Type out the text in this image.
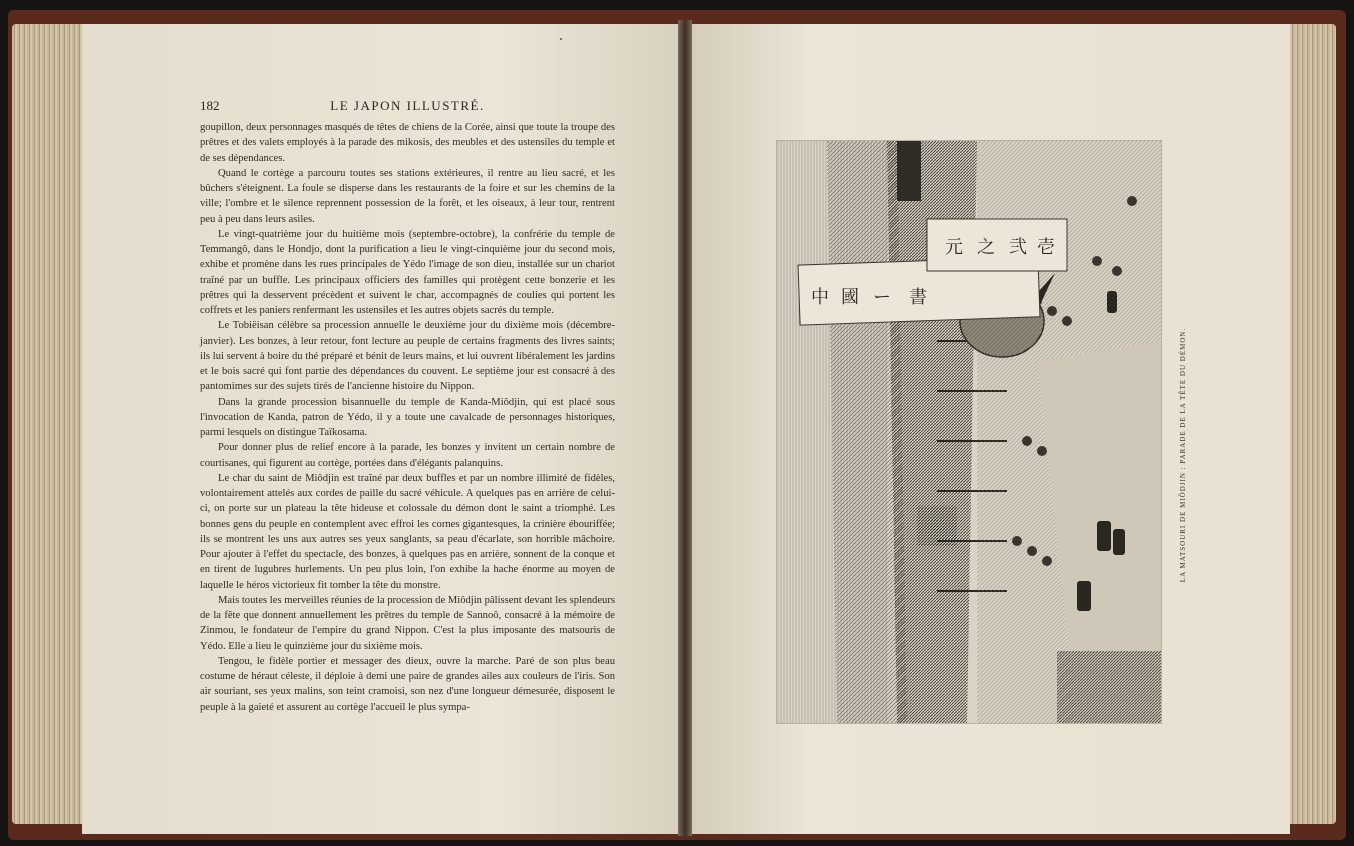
182	LE JAPON ILLUSTRÉ.

goupillon, deux personnages masqués de têtes de chiens de la Corée, ainsi que toute la troupe des prêtres et des valets employés à la parade des mikosis, des meubles et des ustensiles du temple et de ses dépendances.

Quand le cortège a parcouru toutes ses stations extérieures, il rentre au lieu sacré, et les bûchers s'éteignent. La foule se disperse dans les restaurants de la foire et sur les chemins de la ville; l'ombre et le silence reprennent possession de la forêt, et les oiseaux, à leur tour, rentrent peu à peu dans leurs asiles.

Le vingt-quatrième jour du huitième mois (septembre-octobre), la confrérie du temple de Temmangô, dans le Hondjo, dont la purification a lieu le vingt-cinquième jour du second mois, exhibe et promène dans les rues principales de Yédo l'image de son dieu, installée sur un chariot traîné par un buffle. Les principaux officiers des familles qui protègent cette bonzerie et les prêtres qui la desservent précèdent et suivent le char, accompagnés de coulies qui portent les coffrets et les paniers renfermant les ustensiles et les autres objets sacrés du temple.

Le Tobiëisan célèbre sa procession annuelle le deuxième jour du dixième mois (décembre-janvier). Les bonzes, à leur retour, font lecture au peuple de certains fragments des livres saints; ils lui servent à boire du thé préparé et bénit de leurs mains, et lui ouvrent libéralement les jardins et le bois sacré qui font partie des dépendances du couvent. Le septième jour est consacré à des pantomimes sur des sujets tirés de l'ancienne histoire du Nippon.

Dans la grande procession bisannuelle du temple de Kanda-Miôdjin, qui est placé sous l'invocation de Kanda, patron de Yédo, il y a toute une cavalcade de personnages historiques, parmi lesquels on distingue Taïkosama.

Pour donner plus de relief encore à la parade, les bonzes y invitent un certain nombre de courtisanes, qui figurent au cortège, portées dans d'élégants palanquins.

Le char du saint de Miôdjin est traîné par deux buffles et par un nombre illimité de fidèles, volontairement attelés aux cordes de paille du sacré véhicule. A quelques pas en arrière de celui-ci, on porte sur un plateau la tête hideuse et colossale du démon dont le saint a triomphé. Les bonnes gens du peuple en contemplent avec effroi les cornes gigantesques, la crinière ébouriffée; ils se montrent les uns aux autres ses yeux sanglants, sa peau d'écarlate, son horrible mâchoire. Pour ajouter à l'effet du spectacle, des bonzes, à quelques pas en arrière, sonnent de la conque et en tirent de lugubres hurlements. Un peu plus loin, l'on exhibe la hache énorme au moyen de laquelle le héros victorieux fit tomber la tête du monstre.

Mais toutes les merveilles réunies de la procession de Miôdjin pâlissent devant les splendeurs de la fête que donnent annuellement les prêtres du temple de Sannoô, consacré à la mémoire de Zinmou, le fondateur de l'empire du grand Nippon. C'est la plus imposante des matsouris de Yédo. Elle a lieu le quinzième jour du sixième mois.

Tengou, le fidèle portier et messager des dieux, ouvre la marche. Paré de son plus beau costume de héraut céleste, il déploie à demi une paire de grandes ailes aux couleurs de l'iris. Son air souriant, ses yeux malins, son teint cramoisi, son nez d'une longueur démesurée, disposent le peuple à la gaieté et assurent au cortège l'accueil le plus sympa-

中 國 ー 書
元 之 弐 壱
LA MATSOURI DE MIÔDJIN : PARADE DE LA TÊTE DU DÉMON.
